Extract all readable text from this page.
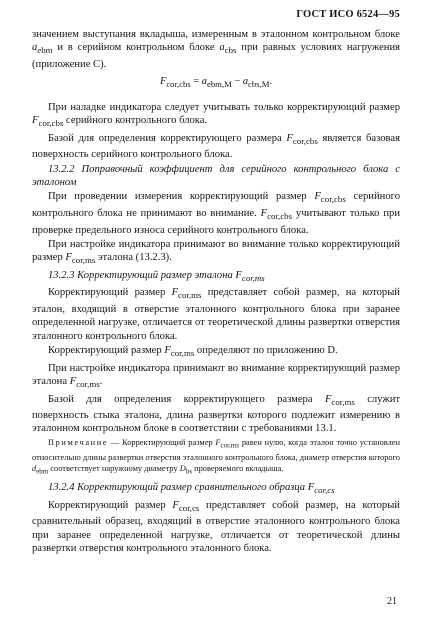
ГОСТ ИСО 6524—95

значением выступания вкладыша, измеренным в эталонном контрольном блоке $a_{ebm}$ и в серийном контрольном блоке $a_{cbs}$ при равных условиях нагружения (приложение С).

$F_{cor,cbs} = a_{ebm,M} - a_{cbs,M}$.

При наладке индикатора следует учитывать только корректирующий размер $F_{cor,cbs}$ серийного контрольного блока.

Базой для определения корректирующего размера $F_{cor,cbs}$ является базовая поверхность серийного контрольного блока.

13.2.2 Поправочный коэффициент для серийного контрольного блока с эталоном

При проведении измерения корректирующий размер $F_{cor,cbs}$ серийного контрольного блока не принимают во внимание. $F_{cor,cbs}$ учитывают только при проверке предельного износа серийного контрольного блока.

При настройке индикатора принимают во внимание только корректирующий размер $F_{cor,ms}$ эталона (13.2.3).

13.2.3 Корректирующий размер эталона $F_{cor,ms}$

Корректирующий размер $F_{cor,ms}$ представляет собой размер, на который эталон, входящий в отверстие эталонного контрольного блока при заранее определенной нагрузке, отличается от теоретической длины развертки отверстия эталонного контрольного блока.

Корректирующий размер $F_{cor,ms}$ определяют по приложению D.

При настройке индикатора принимают во внимание корректирующий размер эталона $F_{cor,ms}$.

Базой для определения корректирующего размера $F_{cor,ms}$ служит поверхность стыка эталона, длина развертки которого подлежит измерению в эталонном контрольном блоке в соответствии с требованиями 13.1.

Примечание — Корректирующий размер $F_{cor,ms}$ равен нулю, когда эталон точно установлен относительно длины развертки отверстия эталонного контрольного блока, диаметр отверстия которого $d_{ebm}$ соответствует наружному диаметру $D_{bs}$ проверяемого вкладыша.

13.2.4 Корректирующий размер сравнительного образца $F_{cor,cs}$

Корректирующий размер $F_{cor,cs}$ представляет собой размер, на который сравнительный образец, входящий в отверстие эталонного контрольного блока при заранее определенной нагрузке, отличается от теоретической длины развертки отверстия контрольного эталонного блока.

21
